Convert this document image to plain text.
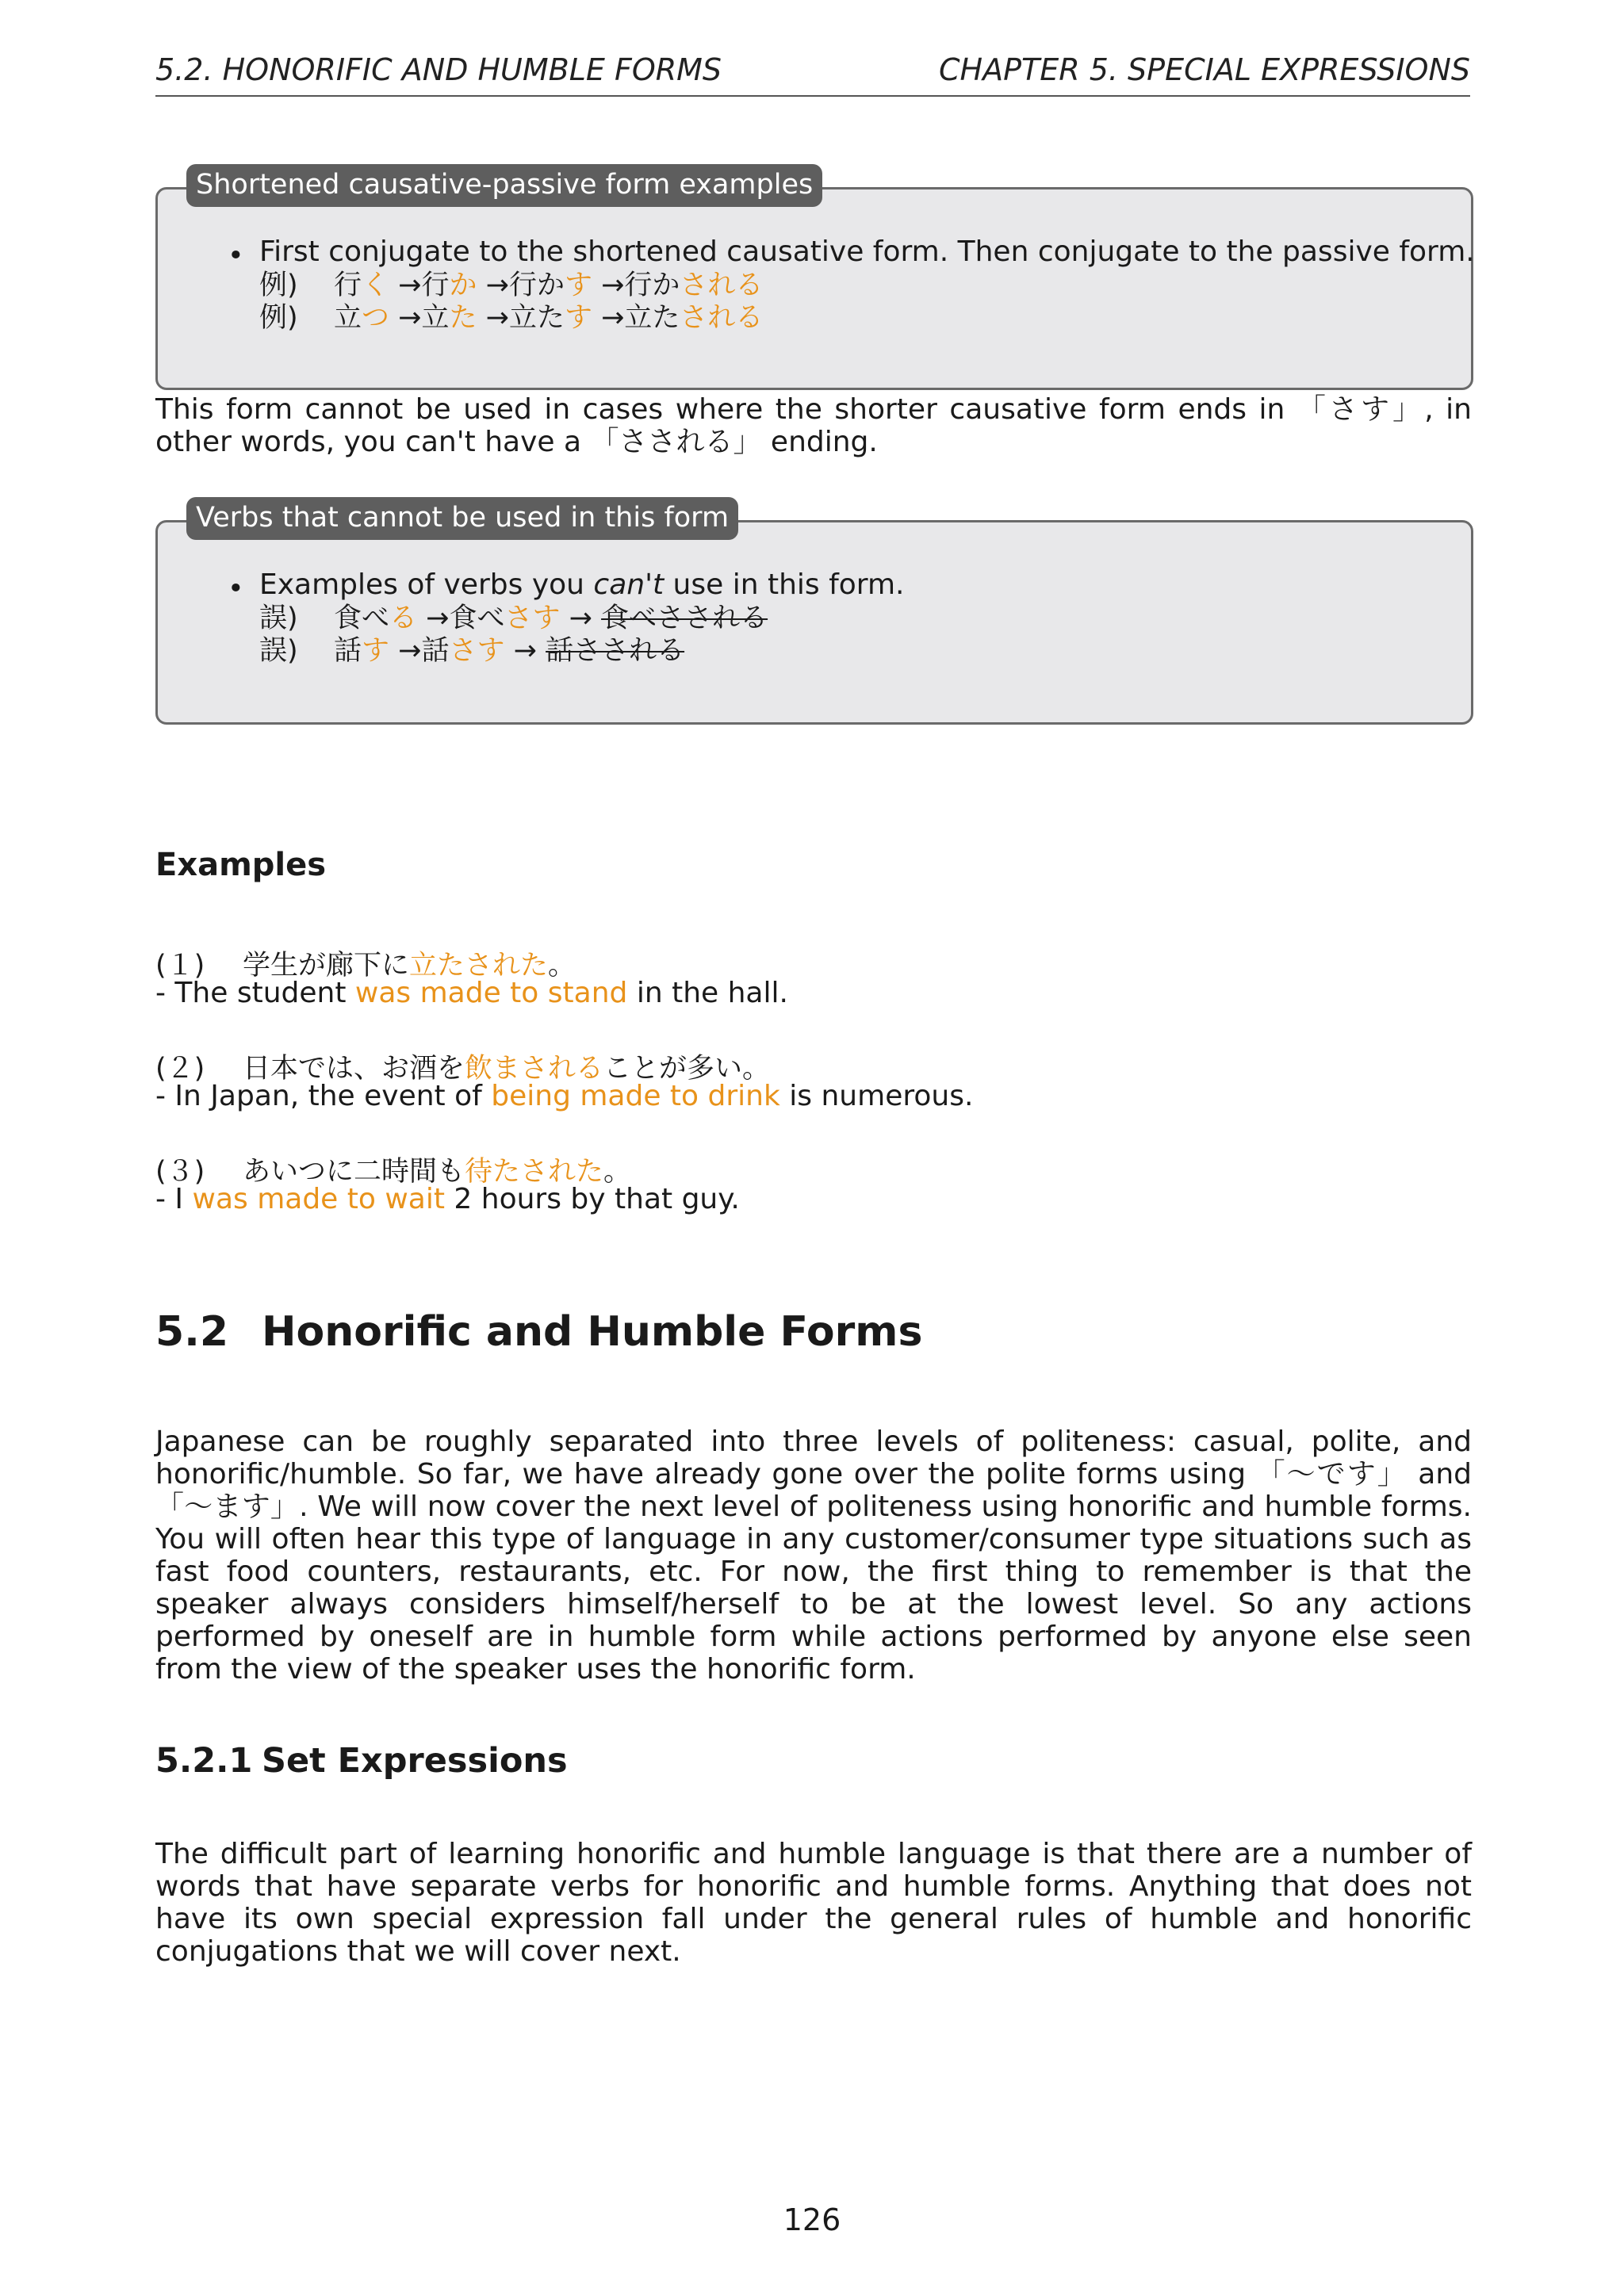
5.2. HONORIFIC AND HUMBLE FORMS	CHAPTER 5. SPECIAL EXPRESSIONS
Shortened causative-passive form examples
• First conjugate to the shortened causative form. Then conjugate to the passive form.
例) 行く →行か →行かす →行かされる
例) 立つ →立た →立たす →立たされる
This form cannot be used in cases where the shorter causative form ends in 「さす」, in other words, you can't have a 「さされる」 ending.
Verbs that cannot be used in this form
• Examples of verbs you can't use in this form.
誤) 食べる →食べさす → 食べさされる
誤) 話す →話さす → 話さされる
Examples
(１) 学生が廊下に立たされた。
- The student was made to stand in the hall.
(２) 日本では、お酒を飲まされることが多い。
- In Japan, the event of being made to drink is numerous.
(３) あいつに二時間も待たされた。
- I was made to wait 2 hours by that guy.
5.2 Honorific and Humble Forms
Japanese can be roughly separated into three levels of politeness: casual, polite, and honorific/humble. So far, we have already gone over the polite forms using 「～です」 and 「～ます」. We will now cover the next level of politeness using honorific and humble forms. You will often hear this type of language in any customer/consumer type situations such as fast food counters, restaurants, etc. For now, the first thing to remember is that the speaker always considers himself/herself to be at the lowest level. So any actions performed by oneself are in humble form while actions performed by anyone else seen from the view of the speaker uses the honorific form.
5.2.1 Set Expressions
The difficult part of learning honorific and humble language is that there are a number of words that have separate verbs for honorific and humble forms. Anything that does not have its own special expression fall under the general rules of humble and honorific conjugations that we will cover next.
126
